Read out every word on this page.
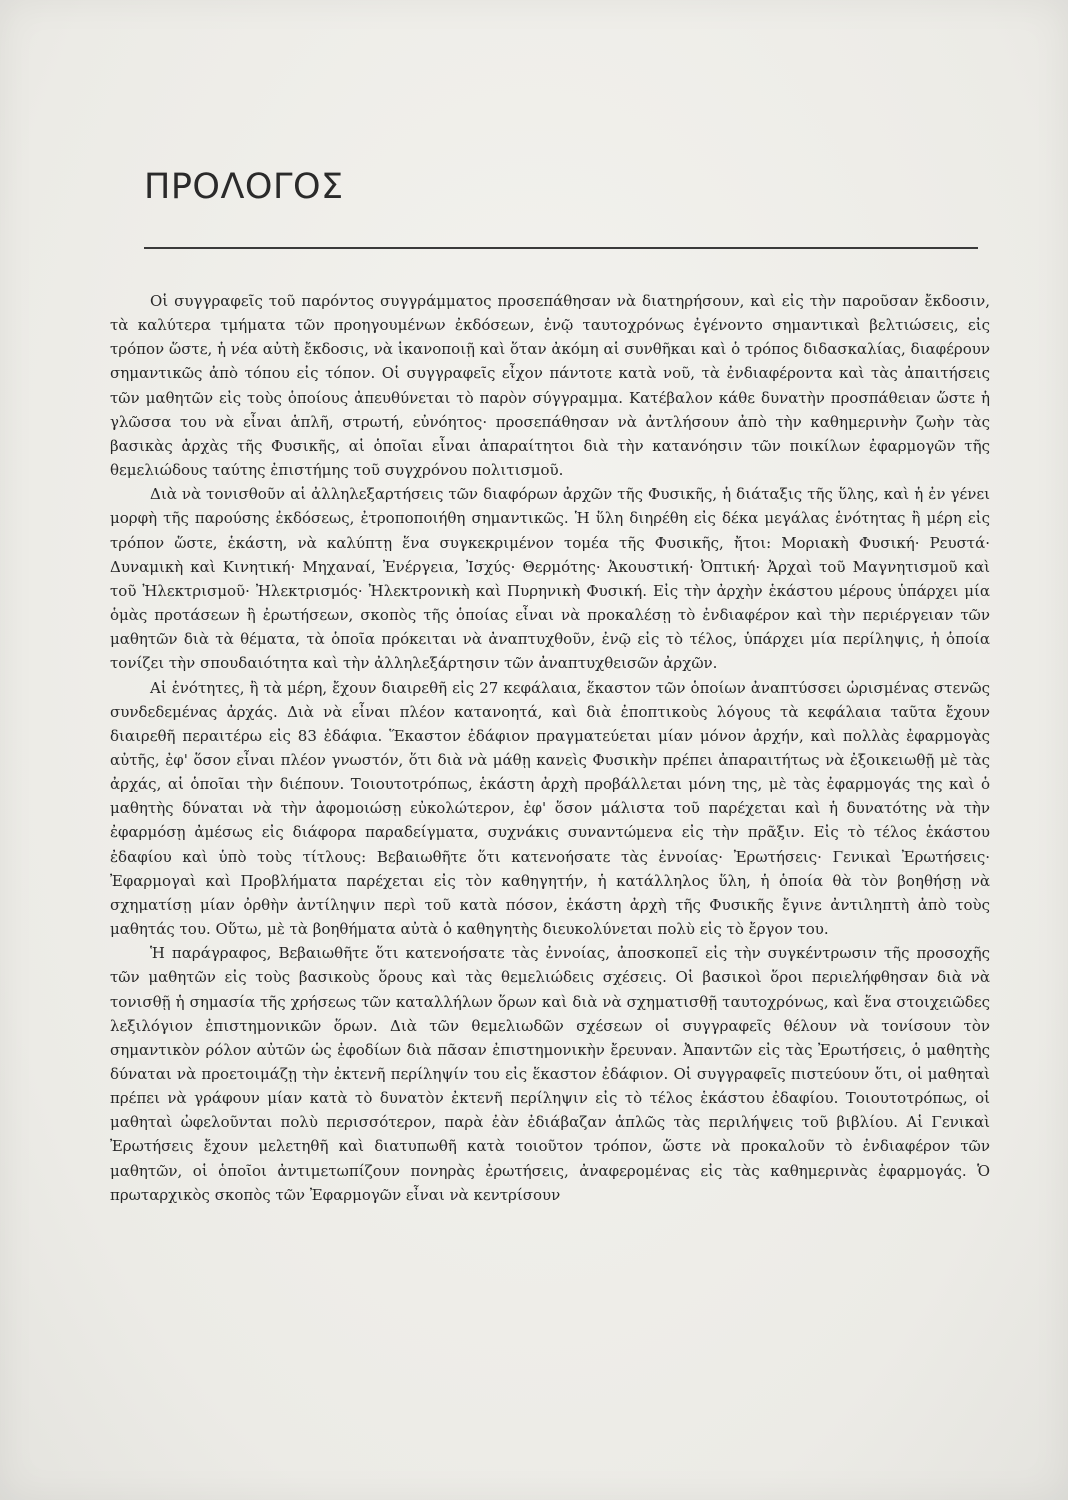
ΠΡΟΛΟΓΟΣ

Οἱ συγγραφεῖς τοῦ παρόντος συγγράμματος προσεπάθησαν νὰ διατηρήσουν, καὶ εἰς τὴν παροῦσαν ἔκδοσιν, τὰ καλύτερα τμήματα τῶν προηγουμένων ἐκδόσεων, ἐνῷ ταυτοχρόνως ἐγένοντο σημαντικαὶ βελτιώσεις, εἰς τρόπον ὥστε, ἡ νέα αὐτὴ ἔκδοσις, νὰ ἱκανοποιῇ καὶ ὅταν ἀκόμη αἱ συνθῆκαι καὶ ὁ τρόπος διδασκαλίας, διαφέρουν σημαντικῶς ἀπὸ τόπου εἰς τόπον. Οἱ συγγραφεῖς εἶχον πάντοτε κατὰ νοῦ, τὰ ἐνδιαφέροντα καὶ τὰς ἀπαιτήσεις τῶν μαθητῶν εἰς τοὺς ὁποίους ἀπευθύνεται τὸ παρὸν σύγγραμμα. Κατέβαλον κάθε δυνατὴν προσπάθειαν ὥστε ἡ γλῶσσα του νὰ εἶναι ἁπλῆ, στρωτή, εὐνόητος· προσεπάθησαν νὰ ἀντλήσουν ἀπὸ τὴν καθημερινὴν ζωὴν τὰς βασικὰς ἀρχὰς τῆς Φυσικῆς, αἱ ὁποῖαι εἶναι ἀπαραίτητοι διὰ τὴν κατανόησιν τῶν ποικίλων ἐφαρμογῶν τῆς θεμελιώδους ταύτης ἐπιστήμης τοῦ συγχρόνου πολιτισμοῦ.

Διὰ νὰ τονισθοῦν αἱ ἀλληλεξαρτήσεις τῶν διαφόρων ἀρχῶν τῆς Φυσικῆς, ἡ διάταξις τῆς ὕλης, καὶ ἡ ἐν γένει μορφὴ τῆς παρούσης ἐκδόσεως, ἐτροποποιήθη σημαντικῶς. Ἡ ὕλη διηρέθη εἰς δέκα μεγάλας ἑνότητας ἢ μέρη εἰς τρόπον ὥστε, ἑκάστη, νὰ καλύπτῃ ἕνα συγκεκριμένον τομέα τῆς Φυσικῆς, ἤτοι: Μοριακὴ Φυσική· Ρευστά· Δυναμικὴ καὶ Κινητική· Μηχαναί, Ἐνέργεια, Ἰσχύς· Θερμότης· Ἀκουστική· Ὀπτική· Ἀρχαὶ τοῦ Μαγνητισμοῦ καὶ τοῦ Ἠλεκτρισμοῦ· Ἠλεκτρισμός· Ἠλεκτρονικὴ καὶ Πυρηνικὴ Φυσική. Εἰς τὴν ἀρχὴν ἑκάστου μέρους ὑπάρχει μία ὁμὰς προτάσεων ἢ ἐρωτήσεων, σκοπὸς τῆς ὁποίας εἶναι νὰ προκαλέσῃ τὸ ἐνδιαφέρον καὶ τὴν περιέργειαν τῶν μαθητῶν διὰ τὰ θέματα, τὰ ὁποῖα πρόκειται νὰ ἀναπτυχθοῦν, ἐνῷ εἰς τὸ τέλος, ὑπάρχει μία περίληψις, ἡ ὁποία τονίζει τὴν σπουδαιότητα καὶ τὴν ἀλληλεξάρτησιν τῶν ἀναπτυχθεισῶν ἀρχῶν.

Αἱ ἑνότητες, ἢ τὰ μέρη, ἔχουν διαιρεθῆ εἰς 27 κεφάλαια, ἕκαστον τῶν ὁποίων ἀναπτύσσει ὡρισμένας στενῶς συνδεδεμένας ἀρχάς. Διὰ νὰ εἶναι πλέον κατανοητά, καὶ διὰ ἐποπτικοὺς λόγους τὰ κεφάλαια ταῦτα ἔχουν διαιρεθῆ περαιτέρω εἰς 83 ἐδάφια. Ἕκαστον ἐδάφιον πραγματεύεται μίαν μόνον ἀρχήν, καὶ πολλὰς ἐφαρμογὰς αὐτῆς, ἐφ' ὅσον εἶναι πλέον γνωστόν, ὅτι διὰ νὰ μάθῃ κανεὶς Φυσικὴν πρέπει ἀπαραιτήτως νὰ ἐξοικειωθῇ μὲ τὰς ἀρχάς, αἱ ὁποῖαι τὴν διέπουν. Τοιουτοτρόπως, ἑκάστη ἀρχὴ προβάλλεται μόνη της, μὲ τὰς ἐφαρμογάς της καὶ ὁ μαθητὴς δύναται νὰ τὴν ἀφομοιώσῃ εὐκολώτερον, ἐφ' ὅσον μάλιστα τοῦ παρέχεται καὶ ἡ δυνατότης νὰ τὴν ἐφαρμόσῃ ἀμέσως εἰς διάφορα παραδείγματα, συχνάκις συναντώμενα εἰς τὴν πρᾶξιν. Εἰς τὸ τέλος ἑκάστου ἐδαφίου καὶ ὑπὸ τοὺς τίτλους: Βεβαιωθῆτε ὅτι κατενοήσατε τὰς ἐννοίας· Ἐρωτήσεις· Γενικαὶ Ἐρωτήσεις· Ἐφαρμογαὶ καὶ Προβλήματα παρέχεται εἰς τὸν καθηγητήν, ἡ κατάλληλος ὕλη, ἡ ὁποία θὰ τὸν βοηθήσῃ νὰ σχηματίσῃ μίαν ὀρθὴν ἀντίληψιν περὶ τοῦ κατὰ πόσον, ἑκάστη ἀρχὴ τῆς Φυσικῆς ἔγινε ἀντιληπτὴ ἀπὸ τοὺς μαθητάς του. Οὕτω, μὲ τὰ βοηθήματα αὐτὰ ὁ καθηγητὴς διευκολύνεται πολὺ εἰς τὸ ἔργον του.

Ἡ παράγραφος, Βεβαιωθῆτε ὅτι κατενοήσατε τὰς ἐννοίας, ἀποσκοπεῖ εἰς τὴν συγκέντρωσιν τῆς προσοχῆς τῶν μαθητῶν εἰς τοὺς βασικοὺς ὅρους καὶ τὰς θεμελιώδεις σχέσεις. Οἱ βασικοὶ ὅροι περιελήφθησαν διὰ νὰ τονισθῇ ἡ σημασία τῆς χρήσεως τῶν καταλλήλων ὅρων καὶ διὰ νὰ σχηματισθῇ ταυτοχρόνως, καὶ ἕνα στοιχειῶδες λεξιλόγιον ἐπιστημονικῶν ὅρων. Διὰ τῶν θεμελιωδῶν σχέσεων οἱ συγγραφεῖς θέλουν νὰ τονίσουν τὸν σημαντικὸν ρόλον αὐτῶν ὡς ἐφοδίων διὰ πᾶσαν ἐπιστημονικὴν ἔρευναν. Ἀπαντῶν εἰς τὰς Ἐρωτήσεις, ὁ μαθητὴς δύναται νὰ προετοιμάζῃ τὴν ἐκτενῆ περίληψίν του εἰς ἕκαστον ἐδάφιον. Οἱ συγγραφεῖς πιστεύουν ὅτι, οἱ μαθηταὶ πρέπει νὰ γράφουν μίαν κατὰ τὸ δυνατὸν ἐκτενῆ περίληψιν εἰς τὸ τέλος ἑκάστου ἐδαφίου. Τοιουτοτρόπως, οἱ μαθηταὶ ὠφελοῦνται πολὺ περισσότερον, παρὰ ἐὰν ἐδιάβαζαν ἁπλῶς τὰς περιλήψεις τοῦ βιβλίου. Αἱ Γενικαὶ Ἐρωτήσεις ἔχουν μελετηθῆ καὶ διατυπωθῆ κατὰ τοιοῦτον τρόπον, ὥστε νὰ προκαλοῦν τὸ ἐνδιαφέρον τῶν μαθητῶν, οἱ ὁποῖοι ἀντιμετωπίζουν πονηρὰς ἐρωτήσεις, ἀναφερομένας εἰς τὰς καθημερινὰς ἐφαρμογάς. Ὁ πρωταρχικὸς σκοπὸς τῶν Ἐφαρμογῶν εἶναι νὰ κεντρίσουν
